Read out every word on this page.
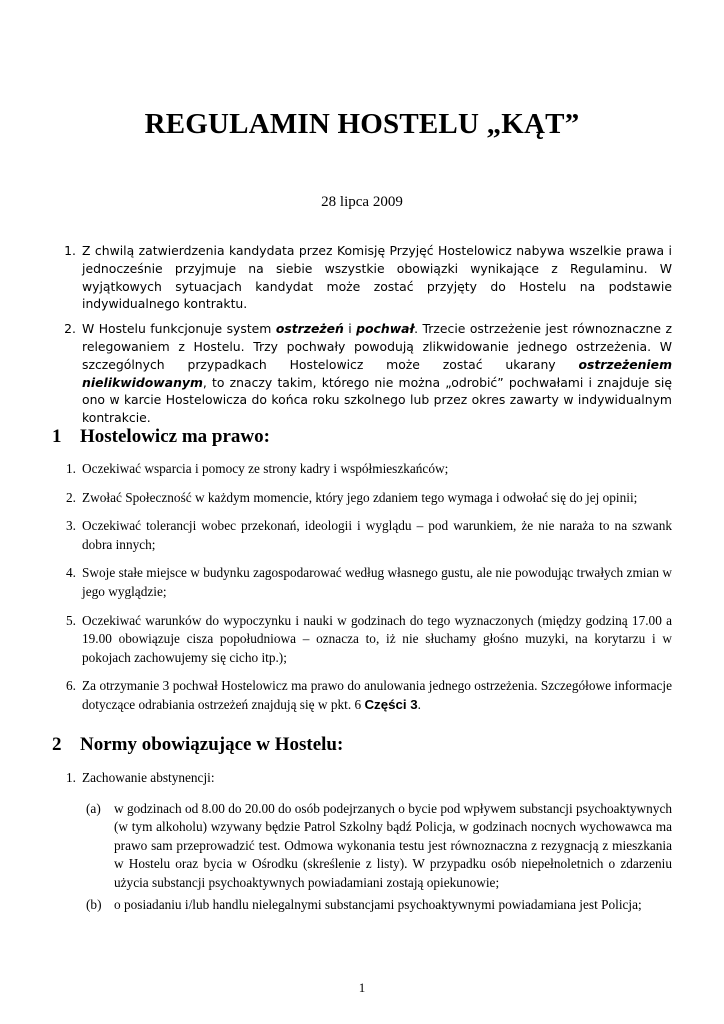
REGULAMIN HOSTELU „KĄT”
28 lipca 2009
1. Z chwilą zatwierdzenia kandydata przez Komisję Przyjęć Hostelowicz nabywa wszelkie prawa i jednocześnie przyjmuje na siebie wszystkie obowiązki wynikające z Regulaminu. W wyjątkowych sytuacjach kandydat może zostać przyjęty do Hostelu na podstawie indywidualnego kontraktu.
2. W Hostelu funkcjonuje system ostrzeżeń i pochwał. Trzecie ostrzeżenie jest równoznaczne z relegowaniem z Hostelu. Trzy pochwały powodują zlikwidowanie jednego ostrzeżenia. W szczególnych przypadkach Hostelowicz może zostać ukarany ostrzeżeniem nielikwidowanym, to znaczy takim, którego nie można „odrobić” pochwałami i znajduje się ono w karcie Hostelowicza do końca roku szkolnego lub przez okres zawarty w indywidualnym kontrakcie.
1 Hostelowicz ma prawo:
1. Oczekiwać wsparcia i pomocy ze strony kadry i współmieszkańców;
2. Zwołać Społeczność w każdym momencie, który jego zdaniem tego wymaga i odwołać się do jej opinii;
3. Oczekiwać tolerancji wobec przekonań, ideologii i wyglądu – pod warunkiem, że nie naraża to na szwank dobra innych;
4. Swoje stałe miejsce w budynku zagospodarować według własnego gustu, ale nie powodując trwałych zmian w jego wyglądzie;
5. Oczekiwać warunków do wypoczynku i nauki w godzinach do tego wyznaczonych (między godziną 17.00 a 19.00 obowiązuje cisza popołudniowa – oznacza to, iż nie słuchamy głośno muzyki, na korytarzu i w pokojach zachowujemy się cicho itp.);
6. Za otrzymanie 3 pochwał Hostelowicz ma prawo do anulowania jednego ostrzeżenia. Szczegółowe informacje dotyczące odrabiania ostrzeżeń znajdują się w pkt. 6 Części 3.
2 Normy obowiązujące w Hostelu:
1. Zachowanie abstynencji:
(a) w godzinach od 8.00 do 20.00 do osób podejrzanych o bycie pod wpływem substancji psychoaktywnych (w tym alkoholu) wzywany będzie Patrol Szkolny bądź Policja, w godzinach nocnych wychowawca ma prawo sam przeprowadzić test. Odmowa wykonania testu jest równoznaczna z rezygnacją z mieszkania w Hostelu oraz bycia w Ośrodku (skreślenie z listy). W przypadku osób niepełnoletnich o zdarzeniu użycia substancji psychoaktywnych powiadamiani zostają opiekunowie;
(b) o posiadaniu i/lub handlu nielegalnymi substancjami psychoaktywnymi powiadamiana jest Policja;
1
